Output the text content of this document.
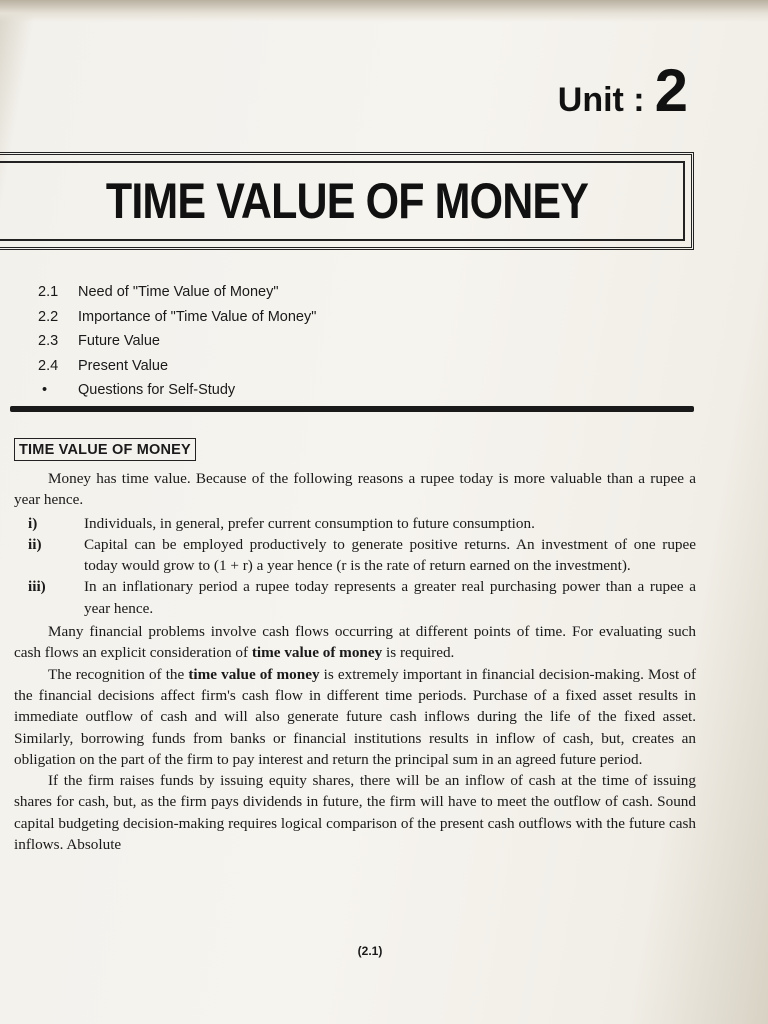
Unit : 2
TIME VALUE OF MONEY
2.1	Need of "Time Value of Money"
2.2	Importance of "Time Value of Money"
2.3	Future Value
2.4	Present Value
•	Questions for Self-Study
TIME VALUE OF MONEY

Money has time value. Because of the following reasons a rupee today is more valuable than a rupee a year hence.

i)	Individuals, in general, prefer current consumption to future consumption.
ii)	Capital can be employed productively to generate positive returns. An investment of one rupee today would grow to (1 + r) a year hence (r is the rate of return earned on the investment).
iii)	In an inflationary period a rupee today represents a greater real purchasing power than a rupee a year hence.

Many financial problems involve cash flows occurring at different points of time. For evaluating such cash flows an explicit consideration of time value of money is required.

The recognition of the time value of money is extremely important in financial decision-making. Most of the financial decisions affect firm's cash flow in different time periods. Purchase of a fixed asset results in immediate outflow of cash and will also generate future cash inflows during the life of the fixed asset. Similarly, borrowing funds from banks or financial institutions results in inflow of cash, but, creates an obligation on the part of the firm to pay interest and return the principal sum in an agreed future period.

If the firm raises funds by issuing equity shares, there will be an inflow of cash at the time of issuing shares for cash, but, as the firm pays dividends in future, the firm will have to meet the outflow of cash. Sound capital budgeting decision-making requires logical comparison of the present cash outflows with the future cash inflows. Absolute

(2.1)
